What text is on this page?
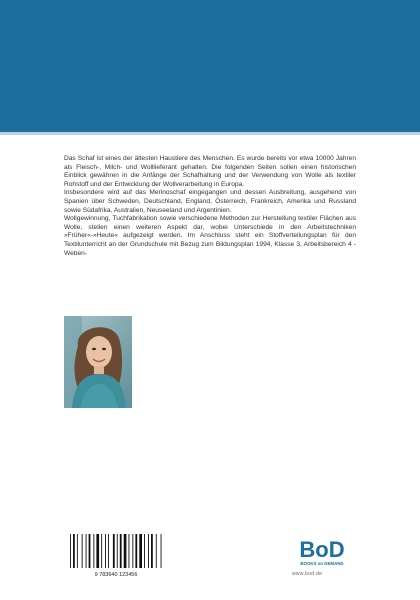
Das Schaf ist eines der ältesten Haustiere des Menschen. Es wurde bereits vor etwa 10000 Jahren als Fleisch-, Milch- und Wolllieferant gehalten. Die folgenden Seiten sollen einen historischen Einblick gewähren in die Anfänge der Schafhaltung und der Verwendung von Wolle als textiler Rohstoff und der Entwicklung der Wollverarbeitung in Europa.

Insbesondere wird auf das Merinoschaf eingegangen und dessen Ausbreitung, ausgehend von Spanien über Schweden, Deutschland, England, Österreich, Frankreich, Amerika und Russland sowie Südafrika, Australien, Neuseeland und Argentinien.

Wollgewinnung, Tuchfabrikation sowie verschiedene Methoden zur Herstellung textiler Flächen aus Wolle, stellen einen weiteren Aspekt dar, wobei Unterschiede in den Arbeitstechniken »Früher«-»Heute« aufgezeigt werden. Im Anschluss steht ein Stoffverteilungsplan für den Textilunterricht an der Grundschule mit Bezug zum Bildungsplan 1994, Klasse 3, Arbeitsbereich 4 - Weben-

9 783640 123456
BoD
BOOKS on DEMAND
www.bod.de
